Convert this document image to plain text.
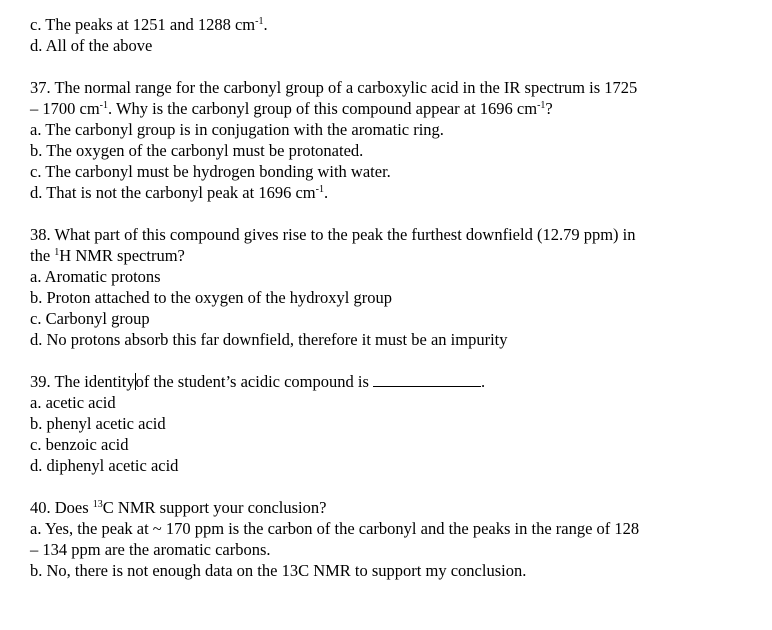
c. The peaks at 1251 and 1288 $cm^{-1}$.
d. All of the above
37. The normal range for the carbonyl group of a carboxylic acid in the IR spectrum is 1725
– 1700 $cm^{-1}$. Why is the carbonyl group of this compound appear at 1696 $cm^{-1}$?
a. The carbonyl group is in conjugation with the aromatic ring.
b. The oxygen of the carbonyl must be protonated.
c. The carbonyl must be hydrogen bonding with water.
d. That is not the carbonyl peak at 1696 $cm^{-1}$.
38. What part of this compound gives rise to the peak the furthest downfield (12.79 ppm) in
the $^1$H NMR spectrum?
a. Aromatic protons
b. Proton attached to the oxygen of the hydroxyl group
c. Carbonyl group
d. No protons absorb this far downfield, therefore it must be an impurity
39. The identityof the student’s acidic compound is	.
a. acetic acid
b. phenyl acetic acid
c. benzoic acid
d. diphenyl acetic acid
40. Does $^{13}$C NMR support your conclusion?
a. Yes, the peak at ~ 170 ppm is the carbon of the carbonyl and the peaks in the range of 128
– 134 ppm are the aromatic carbons.
b. No, there is not enough data on the 13C NMR to support my conclusion.
